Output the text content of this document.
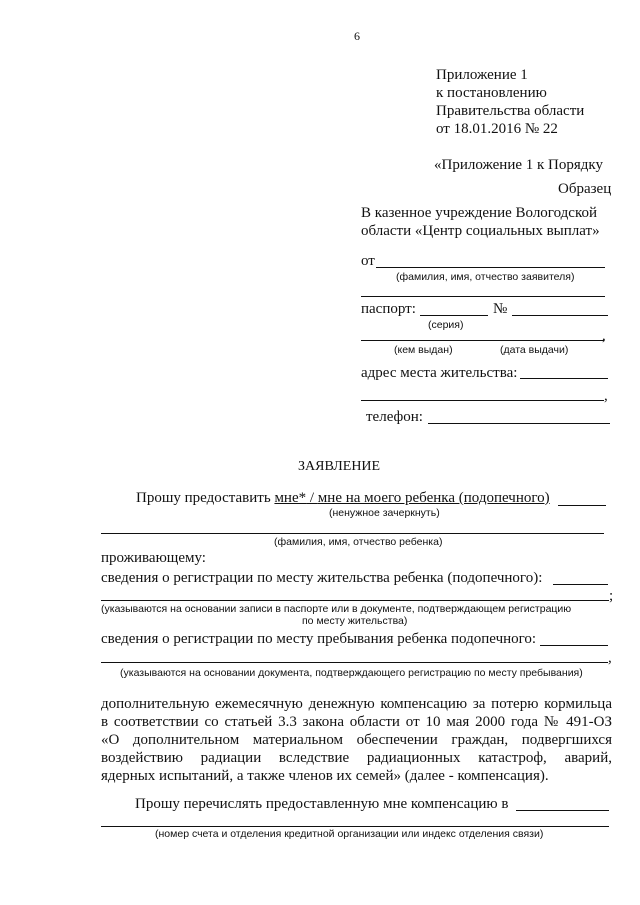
6
Приложение 1
к постановлению
Правительства области
от 18.01.2016 № 22
«Приложение 1 к Порядку
Образец
В казенное учреждение Вологодской
области «Центр социальных выплат»
от
(фамилия, имя, отчество заявителя)
паспорт:	№
(серия)
,
(кем выдан)	(дата выдачи)
адрес места жительства:
,
телефон:
ЗАЯВЛЕНИЕ
Прошу предоставить мне* / мне на моего ребенка (подопечного)
(ненужное зачеркнуть)
(фамилия, имя, отчество ребенка)
проживающему:
сведения о регистрации по месту жительства ребенка (подопечного):
;
(указываются на основании записи в паспорте или в документе, подтверждающем регистрацию
по месту жительства)
сведения о регистрации по месту пребывания ребенка подопечного:
,
(указываются на основании документа, подтверждающего регистрацию по месту пребывания)
дополнительную ежемесячную денежную компенсацию за потерю кормильца
в соответствии со статьей 3.3 закона области от 10 мая 2000 года № 491-ОЗ
«О дополнительном материальном обеспечении граждан, подвергшихся
воздействию радиации вследствие радиационных катастроф, аварий,
ядерных испытаний, а также членов их семей» (далее - компенсация).
Прошу перечислять предоставленную мне компенсацию в
(номер счета и отделения кредитной организации или индекс отделения связи)
